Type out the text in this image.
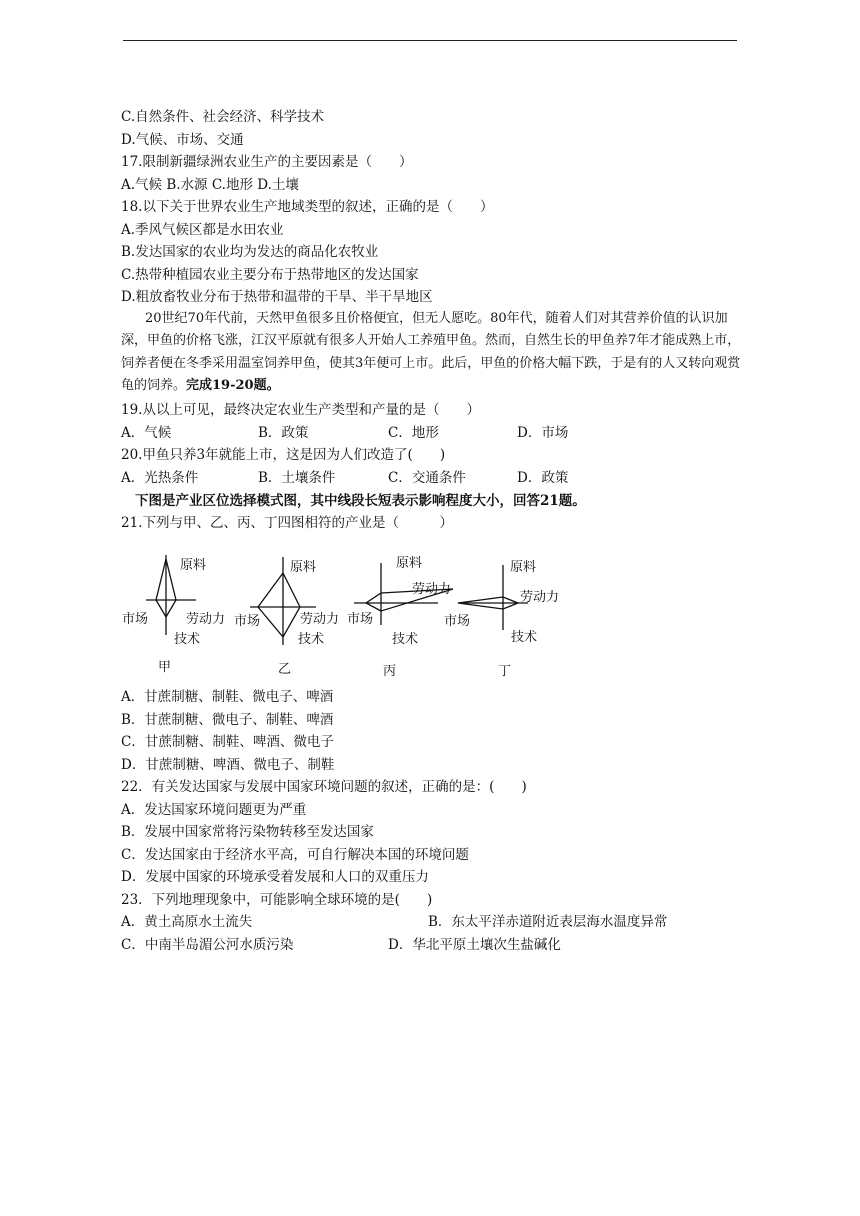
C.自然条件、社会经济、科学技术
D.气候、市场、交通
17.限制新疆绿洲农业生产的主要因素是（　　）
A.气候 B.水源 C.地形 D.土壤
18.以下关于世界农业生产地域类型的叙述，正确的是（　　）
A.季风气候区都是水田农业
B.发达国家的农业均为发达的商品化农牧业
C.热带种植园农业主要分布于热带地区的发达国家
D.粗放畜牧业分布于热带和温带的干旱、半干旱地区
20世纪70年代前，天然甲鱼很多且价格便宜，但无人愿吃。80年代，随着人们对其营养价值的认识加深，甲鱼的价格飞涨，江汉平原就有很多人开始人工养殖甲鱼。然而，自然生长的甲鱼养7年才能成熟上市，饲养者便在冬季采用温室饲养甲鱼，使其3年便可上市。此后，甲鱼的价格大幅下跌，于是有的人又转向观赏龟的饲养。完成19-20题。
19.从以上可见，最终决定农业生产类型和产量的是（　　）
A．气候	B．政策	C．地形	D．市场
20.甲鱼只养3年就能上市，这是因为人们改造了(　　)
A．光热条件	B．土壤条件	C．交通条件	D．政策
下图是产业区位选择模式图，其中线段长短表示影响程度大小，回答21题。
21.下列与甲、乙、丙、丁四图相符的产业是（　　　）
原料
劳动力
市场
技术
甲
原料
劳动力
市场
技术
乙
原料
劳动力
市场
技术
丙
原料
劳动力
市场
技术
丁
A．甘蔗制糖、制鞋、微电子、啤酒
B．甘蔗制糖、微电子、制鞋、啤酒
C．甘蔗制糖、制鞋、啤酒、微电子
D．甘蔗制糖、啤酒、微电子、制鞋
22．有关发达国家与发展中国家环境问题的叙述，正确的是：(　　)
A．发达国家环境问题更为严重
B．发展中国家常将污染物转移至发达国家
C．发达国家由于经济水平高，可自行解决本国的环境问题
D．发展中国家的环境承受着发展和人口的双重压力
23．下列地理现象中，可能影响全球环境的是(　　)
A．黄土高原水土流失	B．东太平洋赤道附近表层海水温度异常
C．中南半岛湄公河水质污染	D．华北平原土壤次生盐碱化
